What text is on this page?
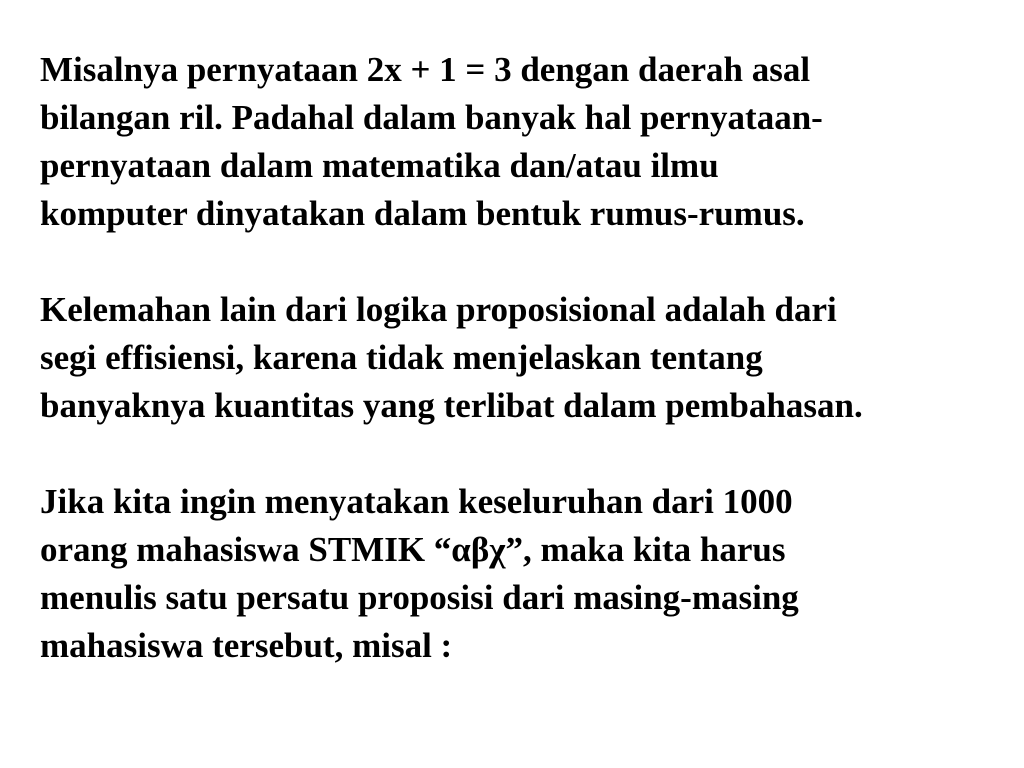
Misalnya pernyataan 2x + 1 = 3 dengan daerah asal
bilangan ril. Padahal dalam banyak hal pernyataan-
pernyataan dalam matematika dan/atau ilmu
komputer dinyatakan dalam bentuk rumus-rumus.

Kelemahan lain dari logika proposisional adalah dari
segi effisiensi, karena tidak menjelaskan tentang
banyaknya kuantitas yang terlibat dalam pembahasan.

Jika kita ingin menyatakan keseluruhan dari 1000
orang mahasiswa STMIK “αβχ”, maka kita harus
menulis satu persatu proposisi dari masing-masing
mahasiswa tersebut, misal :
